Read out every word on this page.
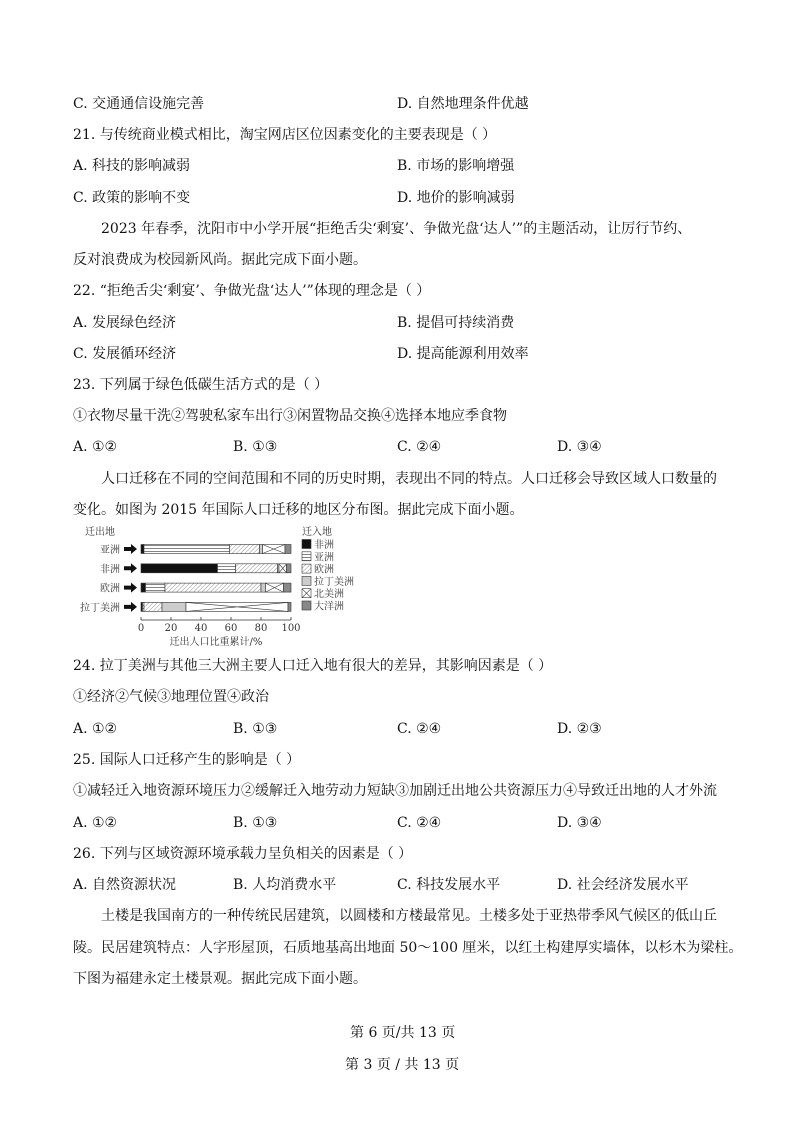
C. 交通通信设施完善	D. 自然地理条件优越
21. 与传统商业模式相比，淘宝网店区位因素变化的主要表现是（ ）
A. 科技的影响减弱	B. 市场的影响增强
C. 政策的影响不变	D. 地价的影响减弱
2023 年春季，沈阳市中小学开展“拒绝舌尖‘剩宴’、争做光盘‘达人’”的主题活动，让厉行节约、
反对浪费成为校园新风尚。据此完成下面小题。
22. “拒绝舌尖‘剩宴’、争做光盘‘达人’”体现的理念是（ ）
A. 发展绿色经济	B. 提倡可持续消费
C. 发展循环经济	D. 提高能源利用效率
23. 下列属于绿色低碳生活方式的是（ ）
①衣物尽量干洗②驾驶私家车出行③闲置物品交换④选择本地应季食物
A. ①②	B. ①③	C. ②④	D. ③④
人口迁移在不同的空间范围和不同的历史时期，表现出不同的特点。人口迁移会导致区域人口数量的
变化。如图为 2015 年国际人口迁移的地区分布图。据此完成下面小题。
24. 拉丁美洲与其他三大洲主要人口迁入地有很大的差异，其影响因素是（ ）
①经济②气候③地理位置④政治
A. ①②	B. ①③	C. ②④	D. ②③
25. 国际人口迁移产生的影响是（ ）
①减轻迁入地资源环境压力②缓解迁入地劳动力短缺③加剧迁出地公共资源压力④导致迁出地的人才外流
A. ①②	B. ①③	C. ②④	D. ③④
26. 下列与区域资源环境承载力呈负相关的因素是（ ）
A. 自然资源状况	B. 人均消费水平	C. 科技发展水平	D. 社会经济发展水平
土楼是我国南方的一种传统民居建筑，以圆楼和方楼最常见。土楼多处于亚热带季风气候区的低山丘
陵。民居建筑特点：人字形屋顶，石质地基高出地面 50～100 厘米，以红土构建厚实墙体，以杉木为梁柱。
下图为福建永定土楼景观。据此完成下面小题。
迁出地	迁入地
亚洲
非洲
欧洲
拉丁美洲
非洲
亚洲
欧洲
拉丁美洲
北美洲
大洋洲
0 20 40 60 80 100
迁出人口比重累计/%
第 6 页/共 13 页
第 3 页 / 共 13 页
